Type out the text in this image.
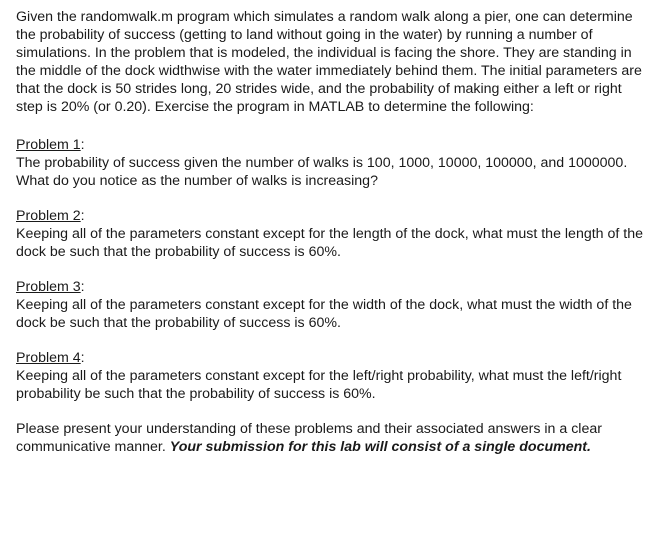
Given the randomwalk.m program which simulates a random walk along a pier, one can determine the probability of success (getting to land without going in the water) by running a number of simulations. In the problem that is modeled, the individual is facing the shore. They are standing in the middle of the dock widthwise with the water immediately behind them. The initial parameters are that the dock is 50 strides long, 20 strides wide, and the probability of making either a left or right step is 20% (or 0.20). Exercise the program in MATLAB to determine the following:

Problem 1:
The probability of success given the number of walks is 100, 1000, 10000, 100000, and 1000000. What do you notice as the number of walks is increasing?
Problem 2:
Keeping all of the parameters constant except for the length of the dock, what must the length of the dock be such that the probability of success is 60%.
Problem 3:
Keeping all of the parameters constant except for the width of the dock, what must the width of the dock be such that the probability of success is 60%.
Problem 4:
Keeping all of the parameters constant except for the left/right probability, what must the left/right probability be such that the probability of success is 60%.

Please present your understanding of these problems and their associated answers in a clear communicative manner. Your submission for this lab will consist of a single document.
